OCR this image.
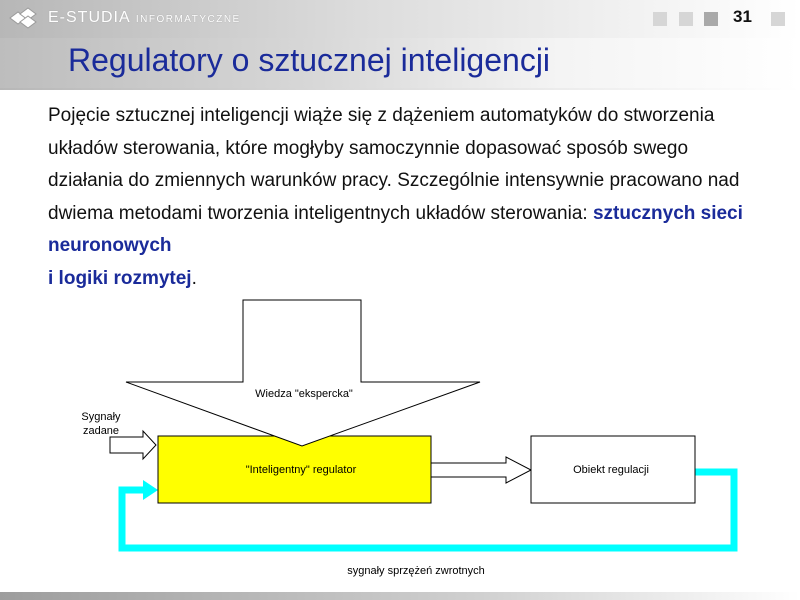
E-STUDIA INFORMATYCZNE	31
Regulatory o sztucznej inteligencji
Pojęcie sztucznej inteligencji wiąże się z dążeniem automatyków do stworzenia układów sterowania, które mogłyby samoczynnie dopasować sposób swego działania do zmiennych warunków pracy. Szczególnie intensywnie pracowano nad dwiema metodami tworzenia inteligentnych układów sterowania: sztucznych sieci neuronowych
i logiki rozmytej.
Wiedza "ekspercka"
Sygnały
zadane
"Inteligentny" regulator	Obiekt regulacji
sygnały sprzężeń zwrotnych
